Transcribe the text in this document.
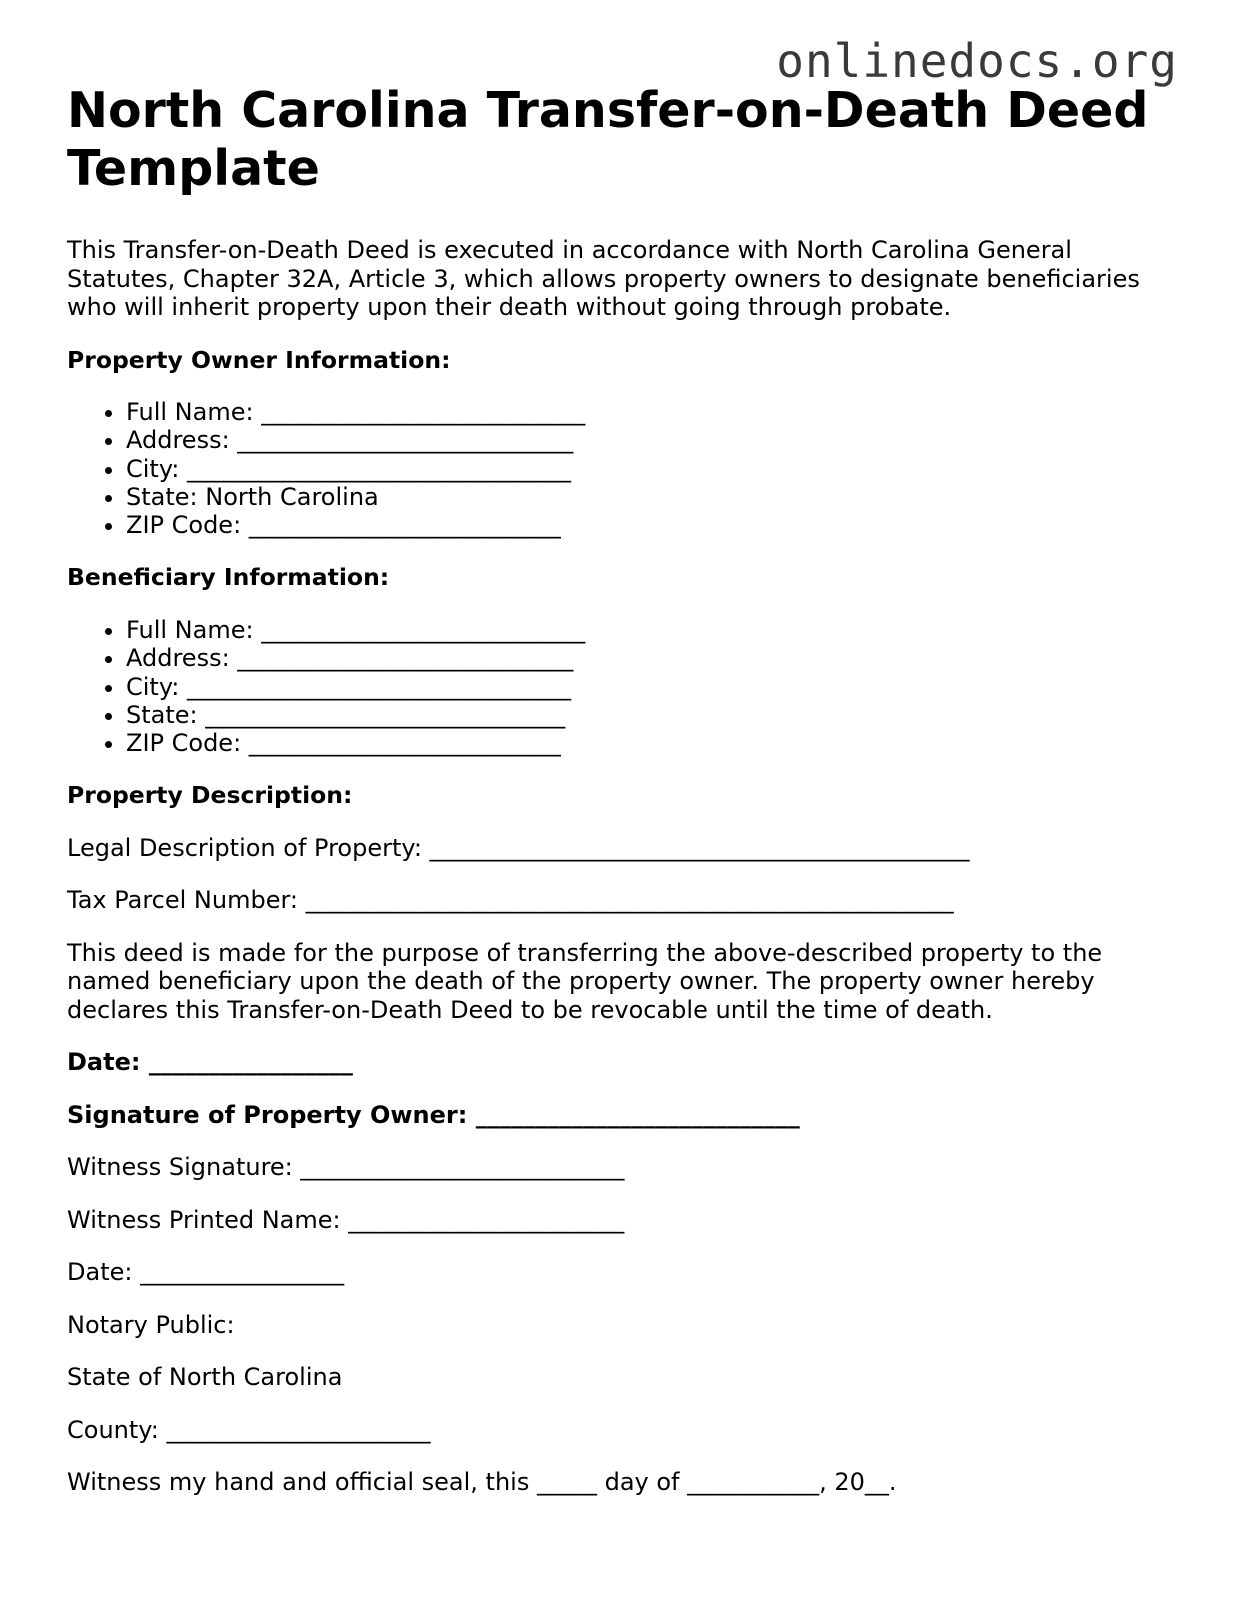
onlinedocs.org
North Carolina Transfer-on-Death Deed Template

This Transfer-on-Death Deed is executed in accordance with North Carolina General Statutes, Chapter 32A, Article 3, which allows property owners to designate beneficiaries who will inherit property upon their death without going through probate.

Property Owner Information:

• Full Name: ___________________________
• Address: ____________________________
• City: ________________________________
• State: North Carolina
• ZIP Code: __________________________

Beneficiary Information:

• Full Name: ___________________________
• Address: ____________________________
• City: ________________________________
• State: ______________________________
• ZIP Code: __________________________

Property Description:

Legal Description of Property: _____________________________________________

Tax Parcel Number: ______________________________________________________

This deed is made for the purpose of transferring the above-described property to the named beneficiary upon the death of the property owner. The property owner hereby declares this Transfer-on-Death Deed to be revocable until the time of death.

Date: _________________

Signature of Property Owner: ___________________________

Witness Signature: ___________________________

Witness Printed Name: _______________________

Date: _________________

Notary Public:

State of North Carolina

County: ______________________

Witness my hand and official seal, this _____ day of ___________, 20__.
